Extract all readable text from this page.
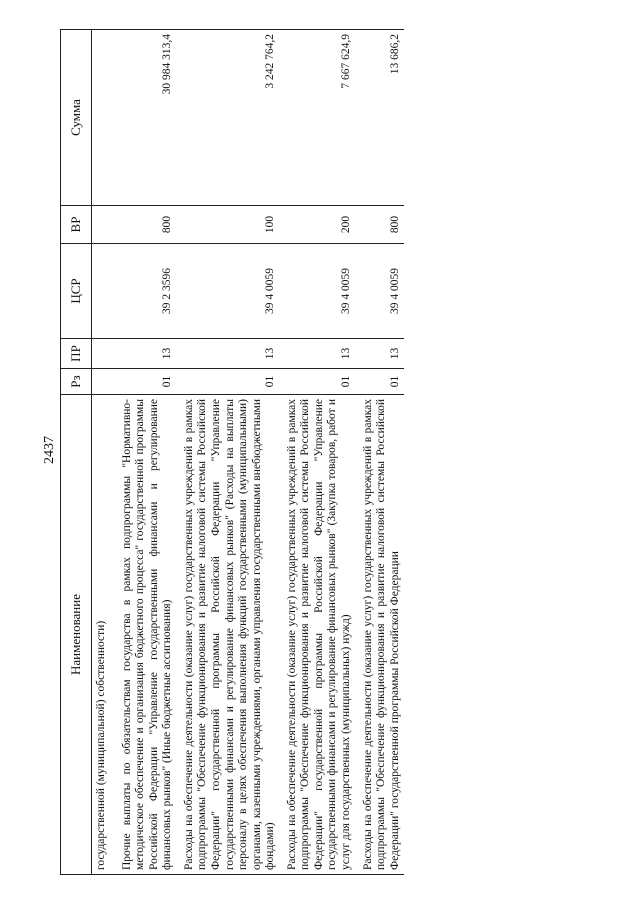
2437
Наименование	Рз	ПР	ЦСР	ВР	Сумма
государственной (муниципальной) собственности)					
Прочие выплаты по обязательствам государства в рамках подпрограммы "Нормативно-методическое обеспечение и организация бюджетного процесса" государственной программы Российской Федерации "Управление государственными финансами и регулирование финансовых рынков" (Иные бюджетные ассигнования)	01	13	39 2 3596	800	30 984 313,4
Расходы на обеспечение деятельности (оказание услуг) государственных учреждений в рамках подпрограммы "Обеспечение функционирования и развитие налоговой системы Российской Федерации" государственной программы Российской Федерации "Управление государственными финансами и регулирование финансовых рынков" (Расходы на выплаты персоналу в целях обеспечения выполнения функций государственными (муниципальными) органами, казенными учреждениями, органами управления государственными внебюджетными фондами)	01	13	39 4 0059	100	3 242 764,2
Расходы на обеспечение деятельности (оказание услуг) государственных учреждений в рамках подпрограммы "Обеспечение функционирования и развитие налоговой системы Российской Федерации" государственной программы Российской Федерации "Управление государственными финансами и регулирование финансовых рынков" (Закупка товаров, работ и услуг для государственных (муниципальных) нужд)	01	13	39 4 0059	200	7 667 624,9
Расходы на обеспечение деятельности (оказание услуг) государственных учреждений в рамках подпрограммы "Обеспечение функционирования и развитие налоговой системы Российской Федерации" государственной программы Российской Федерации	01	13	39 4 0059	800	13 686,2
